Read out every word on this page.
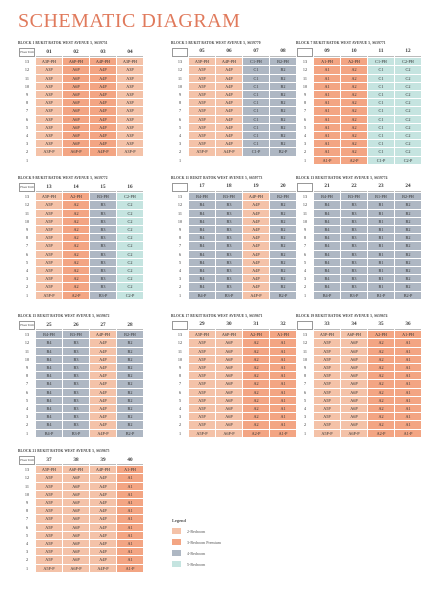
SCHEMATIC DIAGRAM
BLOCK 1 BUKIT BATOK WEST AVENUE 5, S659751
Floor Unit	01	02	03	04
13	A3P-PH	A6P-PH	A4P-PH	A3P-PH
12	A3P	A6P	A4P	A3P
11	A3P	A6P	A4P	A3P
10	A3P	A6P	A4P	A3P
9	A3P	A6P	A4P	A3P
8	A3P	A6P	A4P	A3P
7	A3P	A6P	A4P	A3P
6	A3P	A6P	A4P	A3P
5	A3P	A6P	A4P	A3P
4	A3P	A6P	A4P	A3P
3	A3P	A6P	A4P	A3P
2	A3P-P	A6P-P	A4P-P	A3P-P
1				
BLOCK 5 BUKIT BATOK WEST AVENUE 5, S659770
	05	06	07	08
13	A5P-PH	A4P-PH	C1-PH	B2-PH
12	A5P	A4P	C1	B2
11	A5P	A4P	C1	B2
10	A5P	A4P	C1	B2
9	A5P	A4P	C1	B2
8	A5P	A4P	C1	B2
7	A5P	A4P	C1	B2
6	A5P	A4P	C1	B2
5	A5P	A4P	C1	B2
4	A5P	A4P	C1	B2
3	A5P	A4P	C1	B2
2	A5P-P	A4P-P	C1-P	B2-P
1				
BLOCK 7 BUKIT BATOK WEST AVENUE 5, S659771
	09	10	11	12
13	A1-PH	A2-PH	C1-PH	C2-PH
12	A1	A2	C1	C2
11	A1	A2	C1	C2
10	A1	A2	C1	C2
9	A1	A2	C1	C2
8	A1	A2	C1	C2
7	A1	A2	C1	C2
6	A1	A2	C1	C2
5	A1	A2	C1	C2
4	A1	A2	C1	C2
3	A1	A2	C1	C2
2	A1	A2	C1	C2
1	A1-P	A2-P	C1-P	C2-P
BLOCK 9 BUKIT BATOK WEST AVENUE 5, S659772
Floor Unit	13	14	15	16
13	A5P-PH	A2-PH	B3-PH	C2-PH
12	A5P	A2	B3	C2
11	A5P	A2	B3	C2
10	A5P	A2	B3	C2
9	A5P	A2	B3	C2
8	A5P	A2	B3	C2
7	A5P	A2	B3	C2
6	A5P	A2	B3	C2
5	A5P	A2	B3	C2
4	A5P	A2	B3	C2
3	A5P	A2	B3	C2
2	A5P	A2	B3	C2
1	A5P-P	A2-P	B3-P	C2-P
BLOCK 11 BUKIT BATOK WEST AVENUE 5, S659773
	17	18	19	20
13	B4-PH	B3-PH	A4P-PH	B2-PH
12	B4	B3	A4P	B2
11	B4	B3	A4P	B2
10	B4	B3	A4P	B2
9	B4	B3	A4P	B2
8	B4	B3	A4P	B2
7	B4	B3	A4P	B2
6	B4	B3	A4P	B2
5	B4	B3	A4P	B2
4	B4	B3	A4P	B2
3	B4	B3	A4P	B2
2	B4	B3	A4P	B2
1	B4-P	B3-P	A4P-P	B2-P
BLOCK 13 BUKIT BATOK WEST AVENUE 5, S659774
	21	22	23	24
13	B4-PH	B3-PH	B1-PH	B2-PH
12	B4	B3	B1	B2
11	B4	B3	B1	B2
10	B4	B3	B1	B2
9	B4	B3	B1	B2
8	B4	B3	B1	B2
7	B4	B3	B1	B2
6	B4	B3	B1	B2
5	B4	B3	B1	B2
4	B4	B3	B1	B2
3	B4	B3	B1	B2
2	B4	B3	B1	B2
1	B4-P	B3-P	B1-P	B2-P
BLOCK 15 BUKIT BATOK WEST AVENUE 5, S659672
Floor Unit	25	26	27	28
13	B4-PH	B3-PH	A4P-PH	B2-PH
12	B4	B3	A4P	B2
11	B4	B3	A4P	B2
10	B4	B3	A4P	B2
9	B4	B3	A4P	B2
8	B4	B3	A4P	B2
7	B4	B3	A4P	B2
6	B4	B3	A4P	B2
5	B4	B3	A4P	B2
4	B4	B3	A4P	B2
3	B4	B3	A4P	B2
2	B4	B3	A4P	B2
1	B4-P	B3-P	A4P-P	B2-P
BLOCK 17 BUKIT BATOK WEST AVENUE 5, S659671
	29	30	31	32
13	A5P-PH	A6P-PH	A2-PH	A1-PH
12	A5P	A6P	A2	A1
11	A5P	A6P	A2	A1
10	A5P	A6P	A2	A1
9	A5P	A6P	A2	A1
8	A5P	A6P	A2	A1
7	A5P	A6P	A2	A1
6	A5P	A6P	A2	A1
5	A5P	A6P	A2	A1
4	A5P	A6P	A2	A1
3	A5P	A6P	A2	A1
2	A5P	A6P	A2	A1
1	A5P-P	A6P-P	A2-P	A1-P
BLOCK 19 BUKIT BATOK WEST AVENUE 5, S659674
	33	34	35	36
13	A5P-PH	A6P-PH	A2-PH	A1-PH
12	A5P	A6P	A2	A1
11	A5P	A6P	A2	A1
10	A5P	A6P	A2	A1
9	A5P	A6P	A2	A1
8	A5P	A6P	A2	A1
7	A5P	A6P	A2	A1
6	A5P	A6P	A2	A1
5	A5P	A6P	A2	A1
4	A5P	A6P	A2	A1
3	A5P	A6P	A2	A1
2	A5P	A6P	A2	A1
1	A5P-P	A6P-P	A2-P	A1-P
BLOCK 21 BUKIT BATOK WEST AVENUE 5, S659675
Floor Unit	37	38	39	40
13	A5P-PH	A6P-PH	A4P-PH	A1-PH
12	A5P	A6P	A4P	A1
11	A5P	A6P	A4P	A1
10	A5P	A6P	A4P	A1
9	A5P	A6P	A4P	A1
8	A5P	A6P	A4P	A1
7	A5P	A6P	A4P	A1
6	A5P	A6P	A4P	A1
5	A5P	A6P	A4P	A1
4	A5P	A6P	A4P	A1
3	A5P	A6P	A4P	A1
2	A5P	A6P	A4P	A1
1	A5P-P	A6P-P	A4P-P	A1-P
Legend
2-Bedroom
3-Bedroom Premium
4-Bedroom
5-Bedroom
